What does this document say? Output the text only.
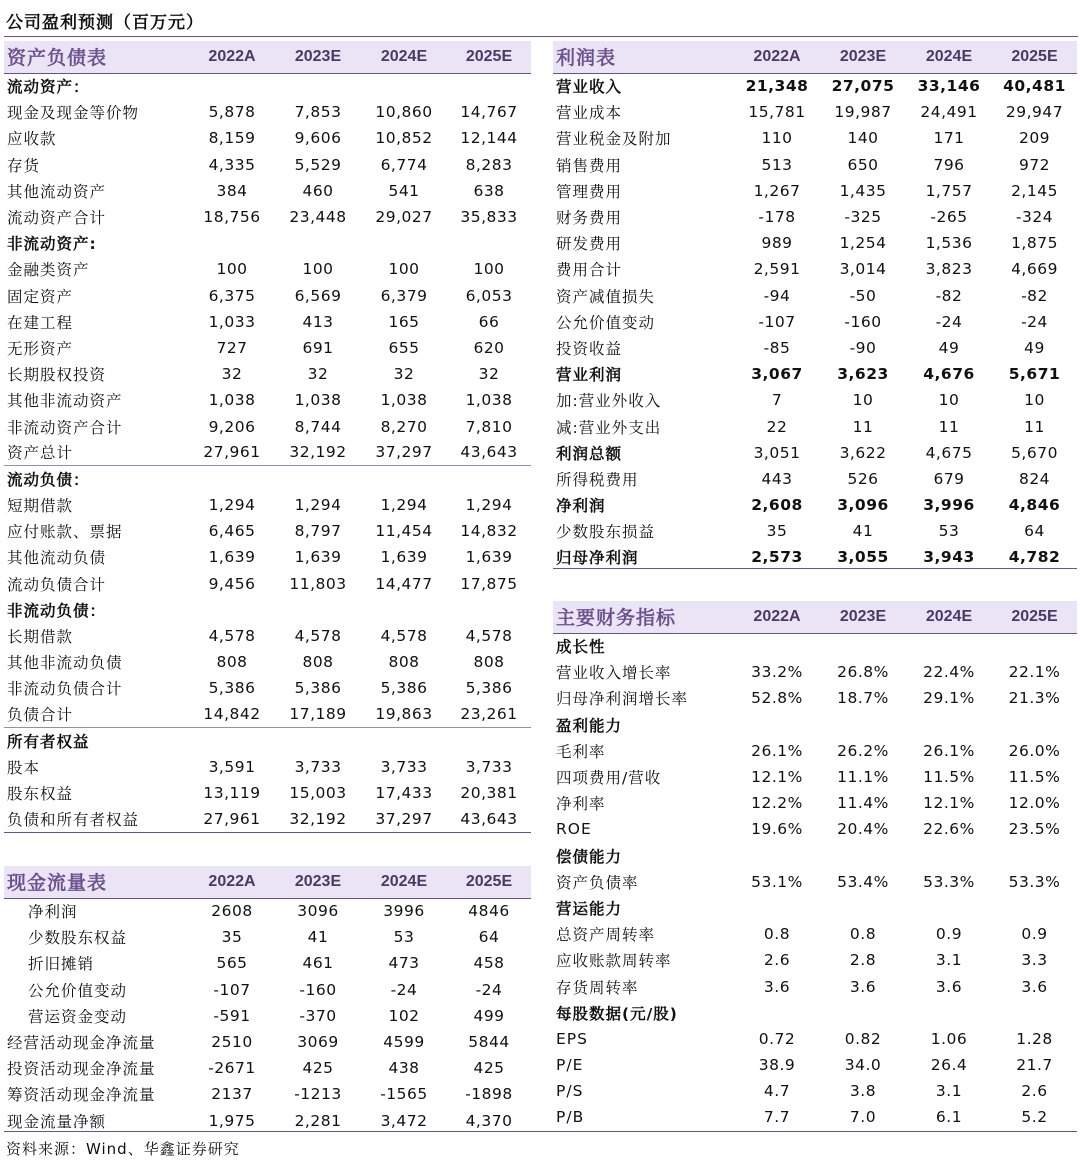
公司盈利预测（百万元）
资产负债表	2022A	2023E	2024E	2025E
流动资产：				
现金及现金等价物	5,878	7,853	10,860	14,767
应收款	8,159	9,606	10,852	12,144
存货	4,335	5,529	6,774	8,283
其他流动资产	384	460	541	638
流动资产合计	18,756	23,448	29,027	35,833
非流动资产:				
金融类资产	100	100	100	100
固定资产	6,375	6,569	6,379	6,053
在建工程	1,033	413	165	66
无形资产	727	691	655	620
长期股权投资	32	32	32	32
其他非流动资产	1,038	1,038	1,038	1,038
非流动资产合计	9,206	8,744	8,270	7,810
资产总计	27,961	32,192	37,297	43,643
流动负债：				
短期借款	1,294	1,294	1,294	1,294
应付账款、票据	6,465	8,797	11,454	14,832
其他流动负债	1,639	1,639	1,639	1,639
流动负债合计	9,456	11,803	14,477	17,875
非流动负债：				
长期借款	4,578	4,578	4,578	4,578
其他非流动负债	808	808	808	808
非流动负债合计	5,386	5,386	5,386	5,386
负债合计	14,842	17,189	19,863	23,261
所有者权益				
股本	3,591	3,733	3,733	3,733
股东权益	13,119	15,003	17,433	20,381
负债和所有者权益	27,961	32,192	37,297	43,643
现金流量表	2022A	2023E	2024E	2025E
净利润	2608	3096	3996	4846
少数股东权益	35	41	53	64
折旧摊销	565	461	473	458
公允价值变动	-107	-160	-24	-24
营运资金变动	-591	-370	102	499
经营活动现金净流量	2510	3069	4599	5844
投资活动现金净流量	-2671	425	438	425
筹资活动现金净流量	2137	-1213	-1565	-1898
现金流量净额	1,975	2,281	3,472	4,370
利润表	2022A	2023E	2024E	2025E
营业收入	21,348	27,075	33,146	40,481
营业成本	15,781	19,987	24,491	29,947
营业税金及附加	110	140	171	209
销售费用	513	650	796	972
管理费用	1,267	1,435	1,757	2,145
财务费用	-178	-325	-265	-324
研发费用	989	1,254	1,536	1,875
费用合计	2,591	3,014	3,823	4,669
资产减值损失	-94	-50	-82	-82
公允价值变动	-107	-160	-24	-24
投资收益	-85	-90	49	49
营业利润	3,067	3,623	4,676	5,671
加:营业外收入	7	10	10	10
减:营业外支出	22	11	11	11
利润总额	3,051	3,622	4,675	5,670
所得税费用	443	526	679	824
净利润	2,608	3,096	3,996	4,846
少数股东损益	35	41	53	64
归母净利润	2,573	3,055	3,943	4,782
主要财务指标	2022A	2023E	2024E	2025E
成长性				
营业收入增长率	33.2%	26.8%	22.4%	22.1%
归母净利润增长率	52.8%	18.7%	29.1%	21.3%
盈利能力				
毛利率	26.1%	26.2%	26.1%	26.0%
四项费用/营收	12.1%	11.1%	11.5%	11.5%
净利率	12.2%	11.4%	12.1%	12.0%
ROE	19.6%	20.4%	22.6%	23.5%
偿债能力				
资产负债率	53.1%	53.4%	53.3%	53.3%
营运能力				
总资产周转率	0.8	0.8	0.9	0.9
应收账款周转率	2.6	2.8	3.1	3.3
存货周转率	3.6	3.6	3.6	3.6
每股数据(元/股)				
EPS	0.72	0.82	1.06	1.28
P/E	38.9	34.0	26.4	21.7
P/S	4.7	3.8	3.1	2.6
P/B	7.7	7.0	6.1	5.2
资料来源：Wind、华鑫证券研究
